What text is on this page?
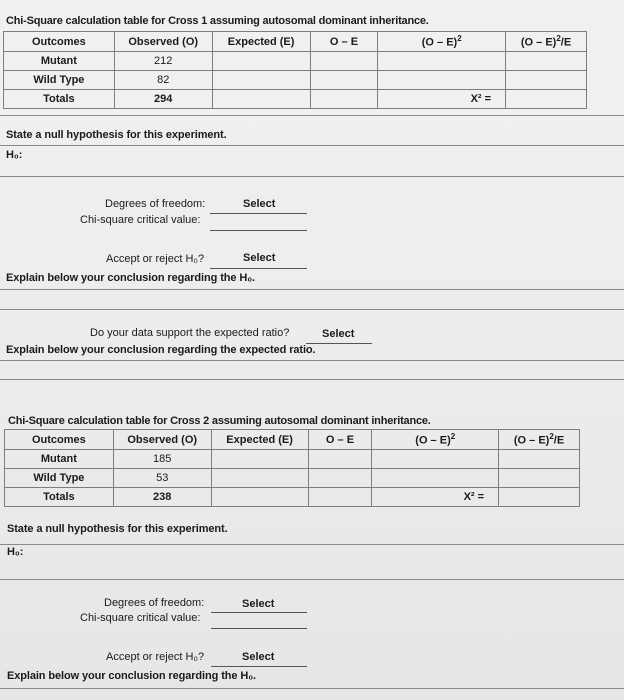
Chi-Square calculation table for Cross 1 assuming autosomal dominant inheritance.
Outcomes	Observed (O)	Expected (E)	O – E	(O – E)$^2$	(O – E)$^2$/E
Mutant	212				
Wild Type	82				
Totals	294			X² =	
State a null hypothesis for this experiment.
H₀:
Degrees of freedom:	Select
Chi-square critical value:
Accept or reject H₀?	Select
Explain below your conclusion regarding the H₀.
Do your data support the expected ratio?	Select
Explain below your conclusion regarding the expected ratio.
Chi-Square calculation table for Cross 2 assuming autosomal dominant inheritance.
Outcomes	Observed (O)	Expected (E)	O – E	(O – E)$^2$	(O – E)$^2$/E
Mutant	185				
Wild Type	53				
Totals	238			X² =	
State a null hypothesis for this experiment.
H₀:
Degrees of freedom:	Select
Chi-square critical value:
Accept or reject H₀?	Select
Explain below your conclusion regarding the H₀.
